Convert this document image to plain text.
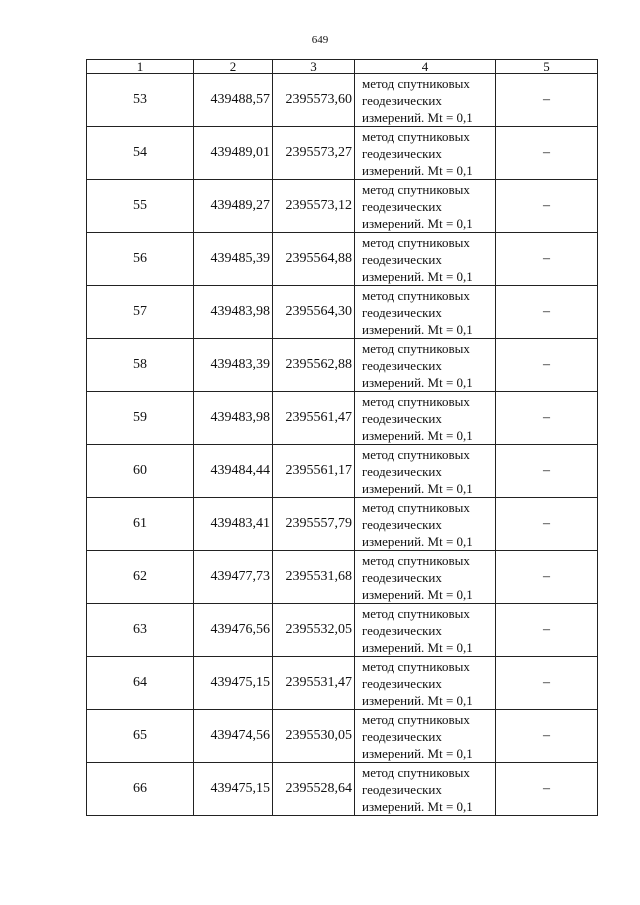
649
1	2	3	4	5
53	439488,57	2395573,60	метод спутниковых
геодезических
измерений. Mt = 0,1	–
54	439489,01	2395573,27	метод спутниковых
геодезических
измерений. Mt = 0,1	–
55	439489,27	2395573,12	метод спутниковых
геодезических
измерений. Mt = 0,1	–
56	439485,39	2395564,88	метод спутниковых
геодезических
измерений. Mt = 0,1	–
57	439483,98	2395564,30	метод спутниковых
геодезических
измерений. Mt = 0,1	–
58	439483,39	2395562,88	метод спутниковых
геодезических
измерений. Mt = 0,1	–
59	439483,98	2395561,47	метод спутниковых
геодезических
измерений. Mt = 0,1	–
60	439484,44	2395561,17	метод спутниковых
геодезических
измерений. Mt = 0,1	–
61	439483,41	2395557,79	метод спутниковых
геодезических
измерений. Mt = 0,1	–
62	439477,73	2395531,68	метод спутниковых
геодезических
измерений. Mt = 0,1	–
63	439476,56	2395532,05	метод спутниковых
геодезических
измерений. Mt = 0,1	–
64	439475,15	2395531,47	метод спутниковых
геодезических
измерений. Mt = 0,1	–
65	439474,56	2395530,05	метод спутниковых
геодезических
измерений. Mt = 0,1	–
66	439475,15	2395528,64	метод спутниковых
геодезических
измерений. Mt = 0,1	–
